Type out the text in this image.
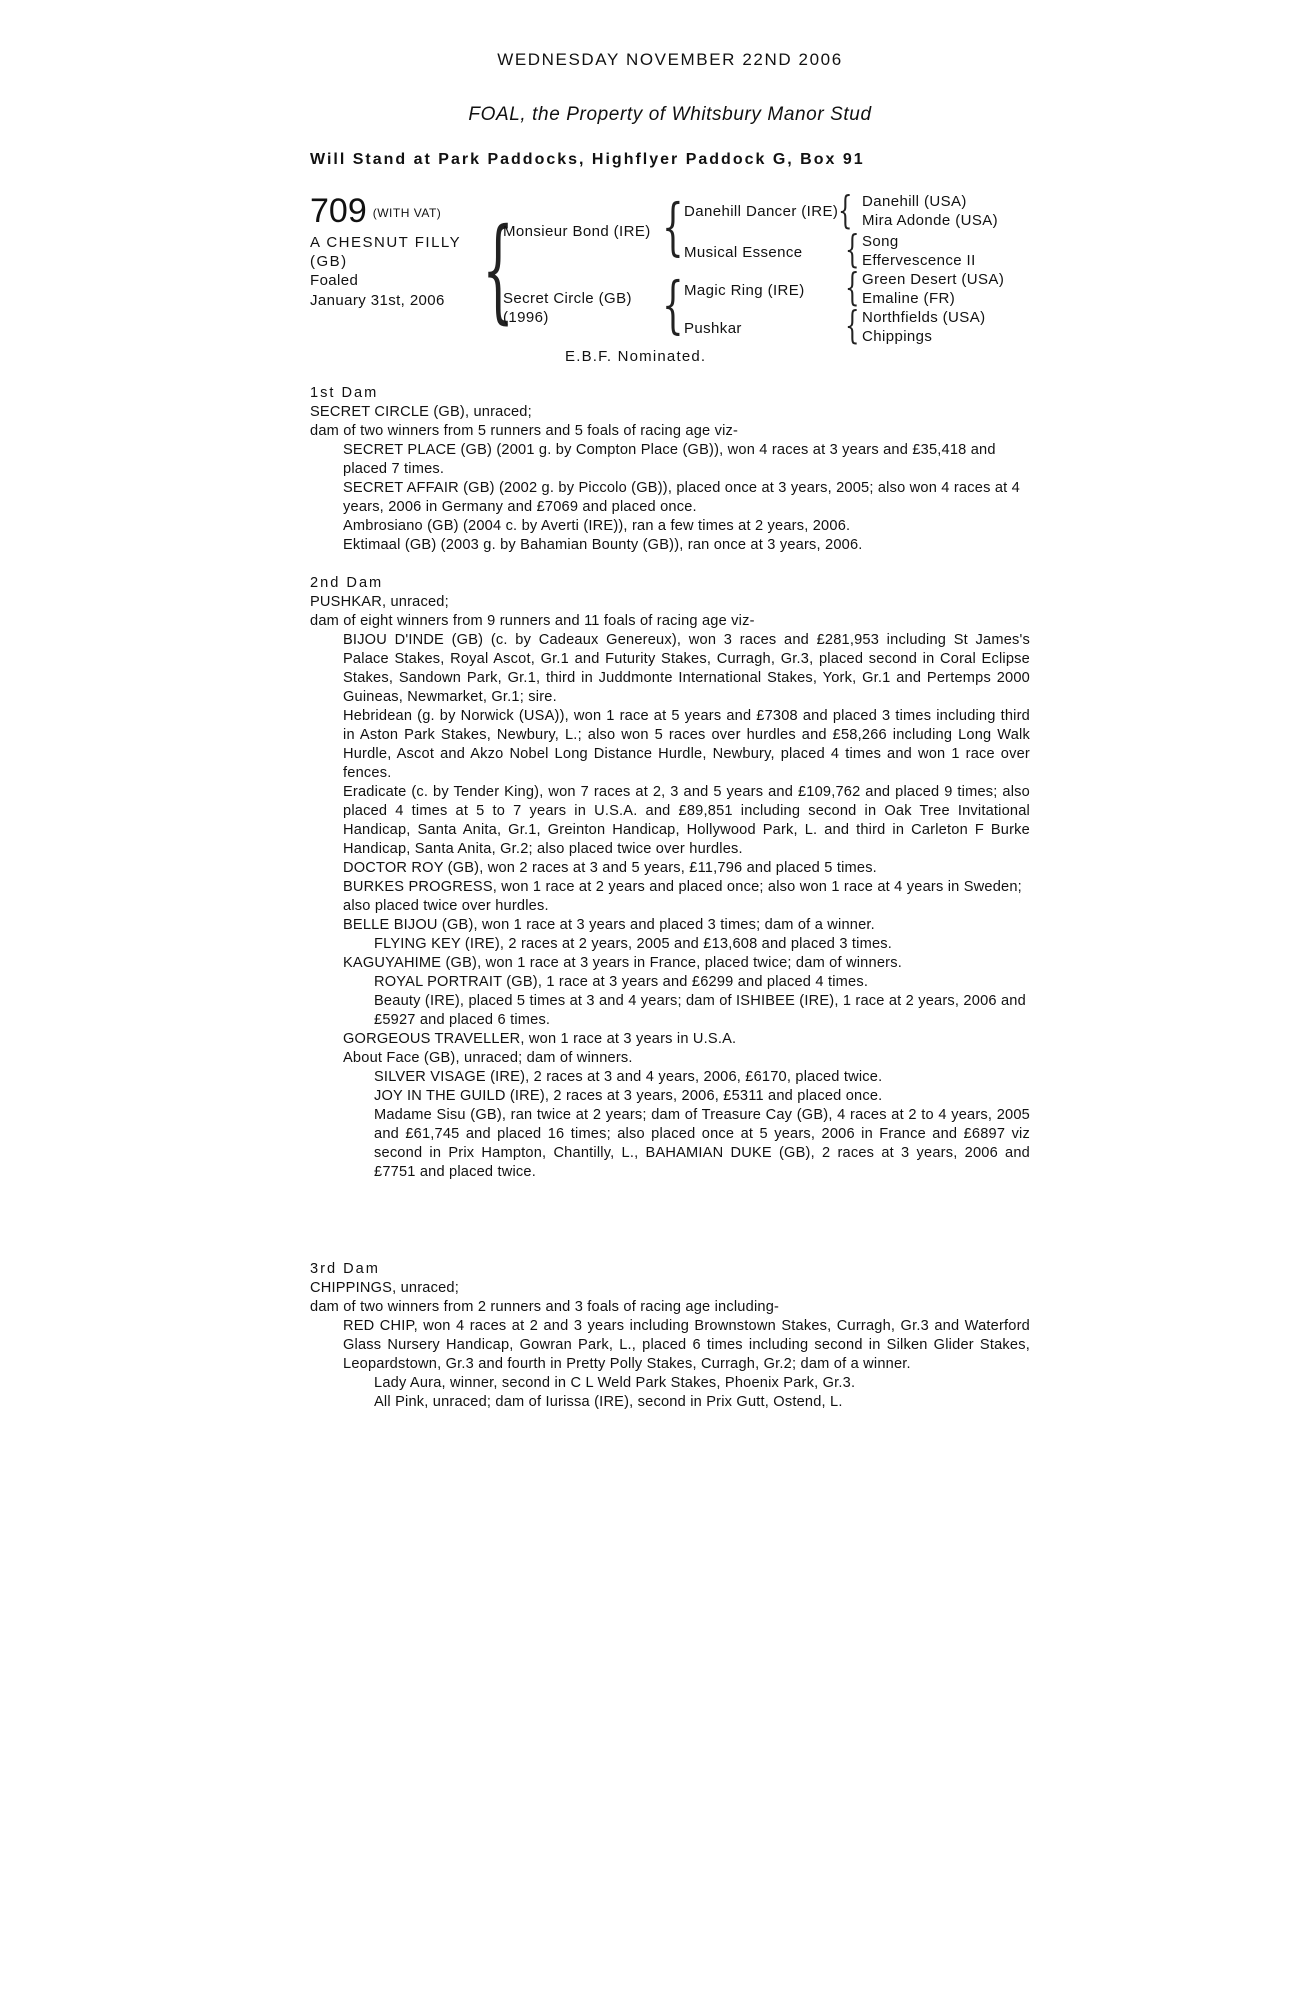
WEDNESDAY NOVEMBER 22ND 2006
FOAL, the Property of Whitsbury Manor Stud
Will Stand at Park Paddocks, Highflyer Paddock G, Box 91
709 (WITH VAT)
A CHESNUT FILLY
(GB)
Foaled
January 31st, 2006 {
Monsieur Bond (IRE)
Secret Circle (GB)
(1996)
{ Danehill Dancer (IRE)
Musical Essence
{ Magic Ring (IRE)
Pushkar
{ Danehill (USA)
Mira Adonde (USA)
{ Song
Effervescence II
{ Green Desert (USA)
Emaline (FR)
{ Northfields (USA)
Chippings
E.B.F. Nominated.
1st Dam
SECRET CIRCLE (GB), unraced;
dam of two winners from 5 runners and 5 foals of racing age viz-
SECRET PLACE (GB) (2001 g. by Compton Place (GB)), won 4 races at 3 years and £35,418 and placed 7 times.
SECRET AFFAIR (GB) (2002 g. by Piccolo (GB)), placed once at 3 years, 2005; also won 4 races at 4 years, 2006 in Germany and £7069 and placed once.
Ambrosiano (GB) (2004 c. by Averti (IRE)), ran a few times at 2 years, 2006.
Ektimaal (GB) (2003 g. by Bahamian Bounty (GB)), ran once at 3 years, 2006.
2nd Dam
PUSHKAR, unraced;
dam of eight winners from 9 runners and 11 foals of racing age viz-
BIJOU D'INDE (GB) (c. by Cadeaux Genereux), won 3 races and £281,953 including St James's Palace Stakes, Royal Ascot, Gr.1 and Futurity Stakes, Curragh, Gr.3, placed second in Coral Eclipse Stakes, Sandown Park, Gr.1, third in Juddmonte International Stakes, York, Gr.1 and Pertemps 2000 Guineas, Newmarket, Gr.1; sire.
Hebridean (g. by Norwick (USA)), won 1 race at 5 years and £7308 and placed 3 times including third in Aston Park Stakes, Newbury, L.; also won 5 races over hurdles and £58,266 including Long Walk Hurdle, Ascot and Akzo Nobel Long Distance Hurdle, Newbury, placed 4 times and won 1 race over fences.
Eradicate (c. by Tender King), won 7 races at 2, 3 and 5 years and £109,762 and placed 9 times; also placed 4 times at 5 to 7 years in U.S.A. and £89,851 including second in Oak Tree Invitational Handicap, Santa Anita, Gr.1, Greinton Handicap, Hollywood Park, L. and third in Carleton F Burke Handicap, Santa Anita, Gr.2; also placed twice over hurdles.
DOCTOR ROY (GB), won 2 races at 3 and 5 years, £11,796 and placed 5 times.
BURKES PROGRESS, won 1 race at 2 years and placed once; also won 1 race at 4 years in Sweden; also placed twice over hurdles.
BELLE BIJOU (GB), won 1 race at 3 years and placed 3 times; dam of a winner.
FLYING KEY (IRE), 2 races at 2 years, 2005 and £13,608 and placed 3 times.
KAGUYAHIME (GB), won 1 race at 3 years in France, placed twice; dam of winners.
ROYAL PORTRAIT (GB), 1 race at 3 years and £6299 and placed 4 times.
Beauty (IRE), placed 5 times at 3 and 4 years; dam of ISHIBEE (IRE), 1 race at 2 years, 2006 and £5927 and placed 6 times.
GORGEOUS TRAVELLER, won 1 race at 3 years in U.S.A.
About Face (GB), unraced; dam of winners.
SILVER VISAGE (IRE), 2 races at 3 and 4 years, 2006, £6170, placed twice.
JOY IN THE GUILD (IRE), 2 races at 3 years, 2006, £5311 and placed once.
Madame Sisu (GB), ran twice at 2 years; dam of Treasure Cay (GB), 4 races at 2 to 4 years, 2005 and £61,745 and placed 16 times; also placed once at 5 years, 2006 in France and £6897 viz second in Prix Hampton, Chantilly, L., BAHAMIAN DUKE (GB), 2 races at 3 years, 2006 and £7751 and placed twice.
3rd Dam
CHIPPINGS, unraced;
dam of two winners from 2 runners and 3 foals of racing age including-
RED CHIP, won 4 races at 2 and 3 years including Brownstown Stakes, Curragh, Gr.3 and Waterford Glass Nursery Handicap, Gowran Park, L., placed 6 times including second in Silken Glider Stakes, Leopardstown, Gr.3 and fourth in Pretty Polly Stakes, Curragh, Gr.2; dam of a winner.
Lady Aura, winner, second in C L Weld Park Stakes, Phoenix Park, Gr.3.
All Pink, unraced; dam of Iurissa (IRE), second in Prix Gutt, Ostend, L.
